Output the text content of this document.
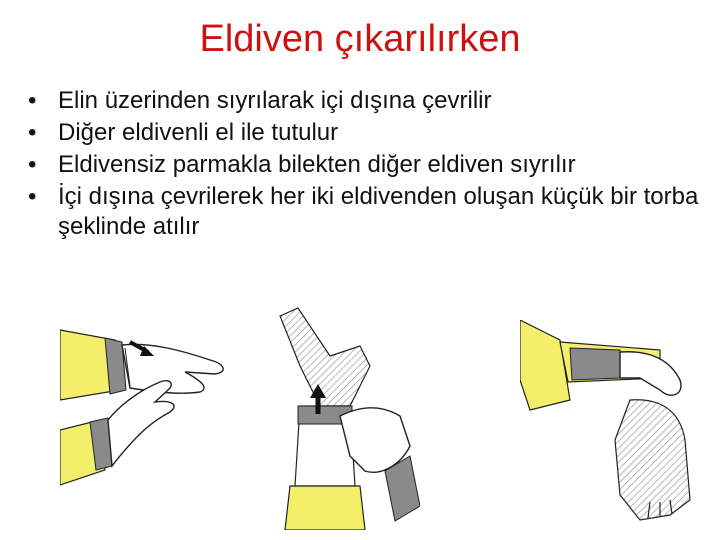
Eldiven çıkarılırken
• Elin üzerinden sıyrılarak içi dışına çevrilir
• Diğer eldivenli el ile tutulur
• Eldivensiz parmakla bilekten diğer eldiven sıyrılır
• İçi dışına çevrilerek her iki eldivenden oluşan küçük bir torba şeklinde atılır
